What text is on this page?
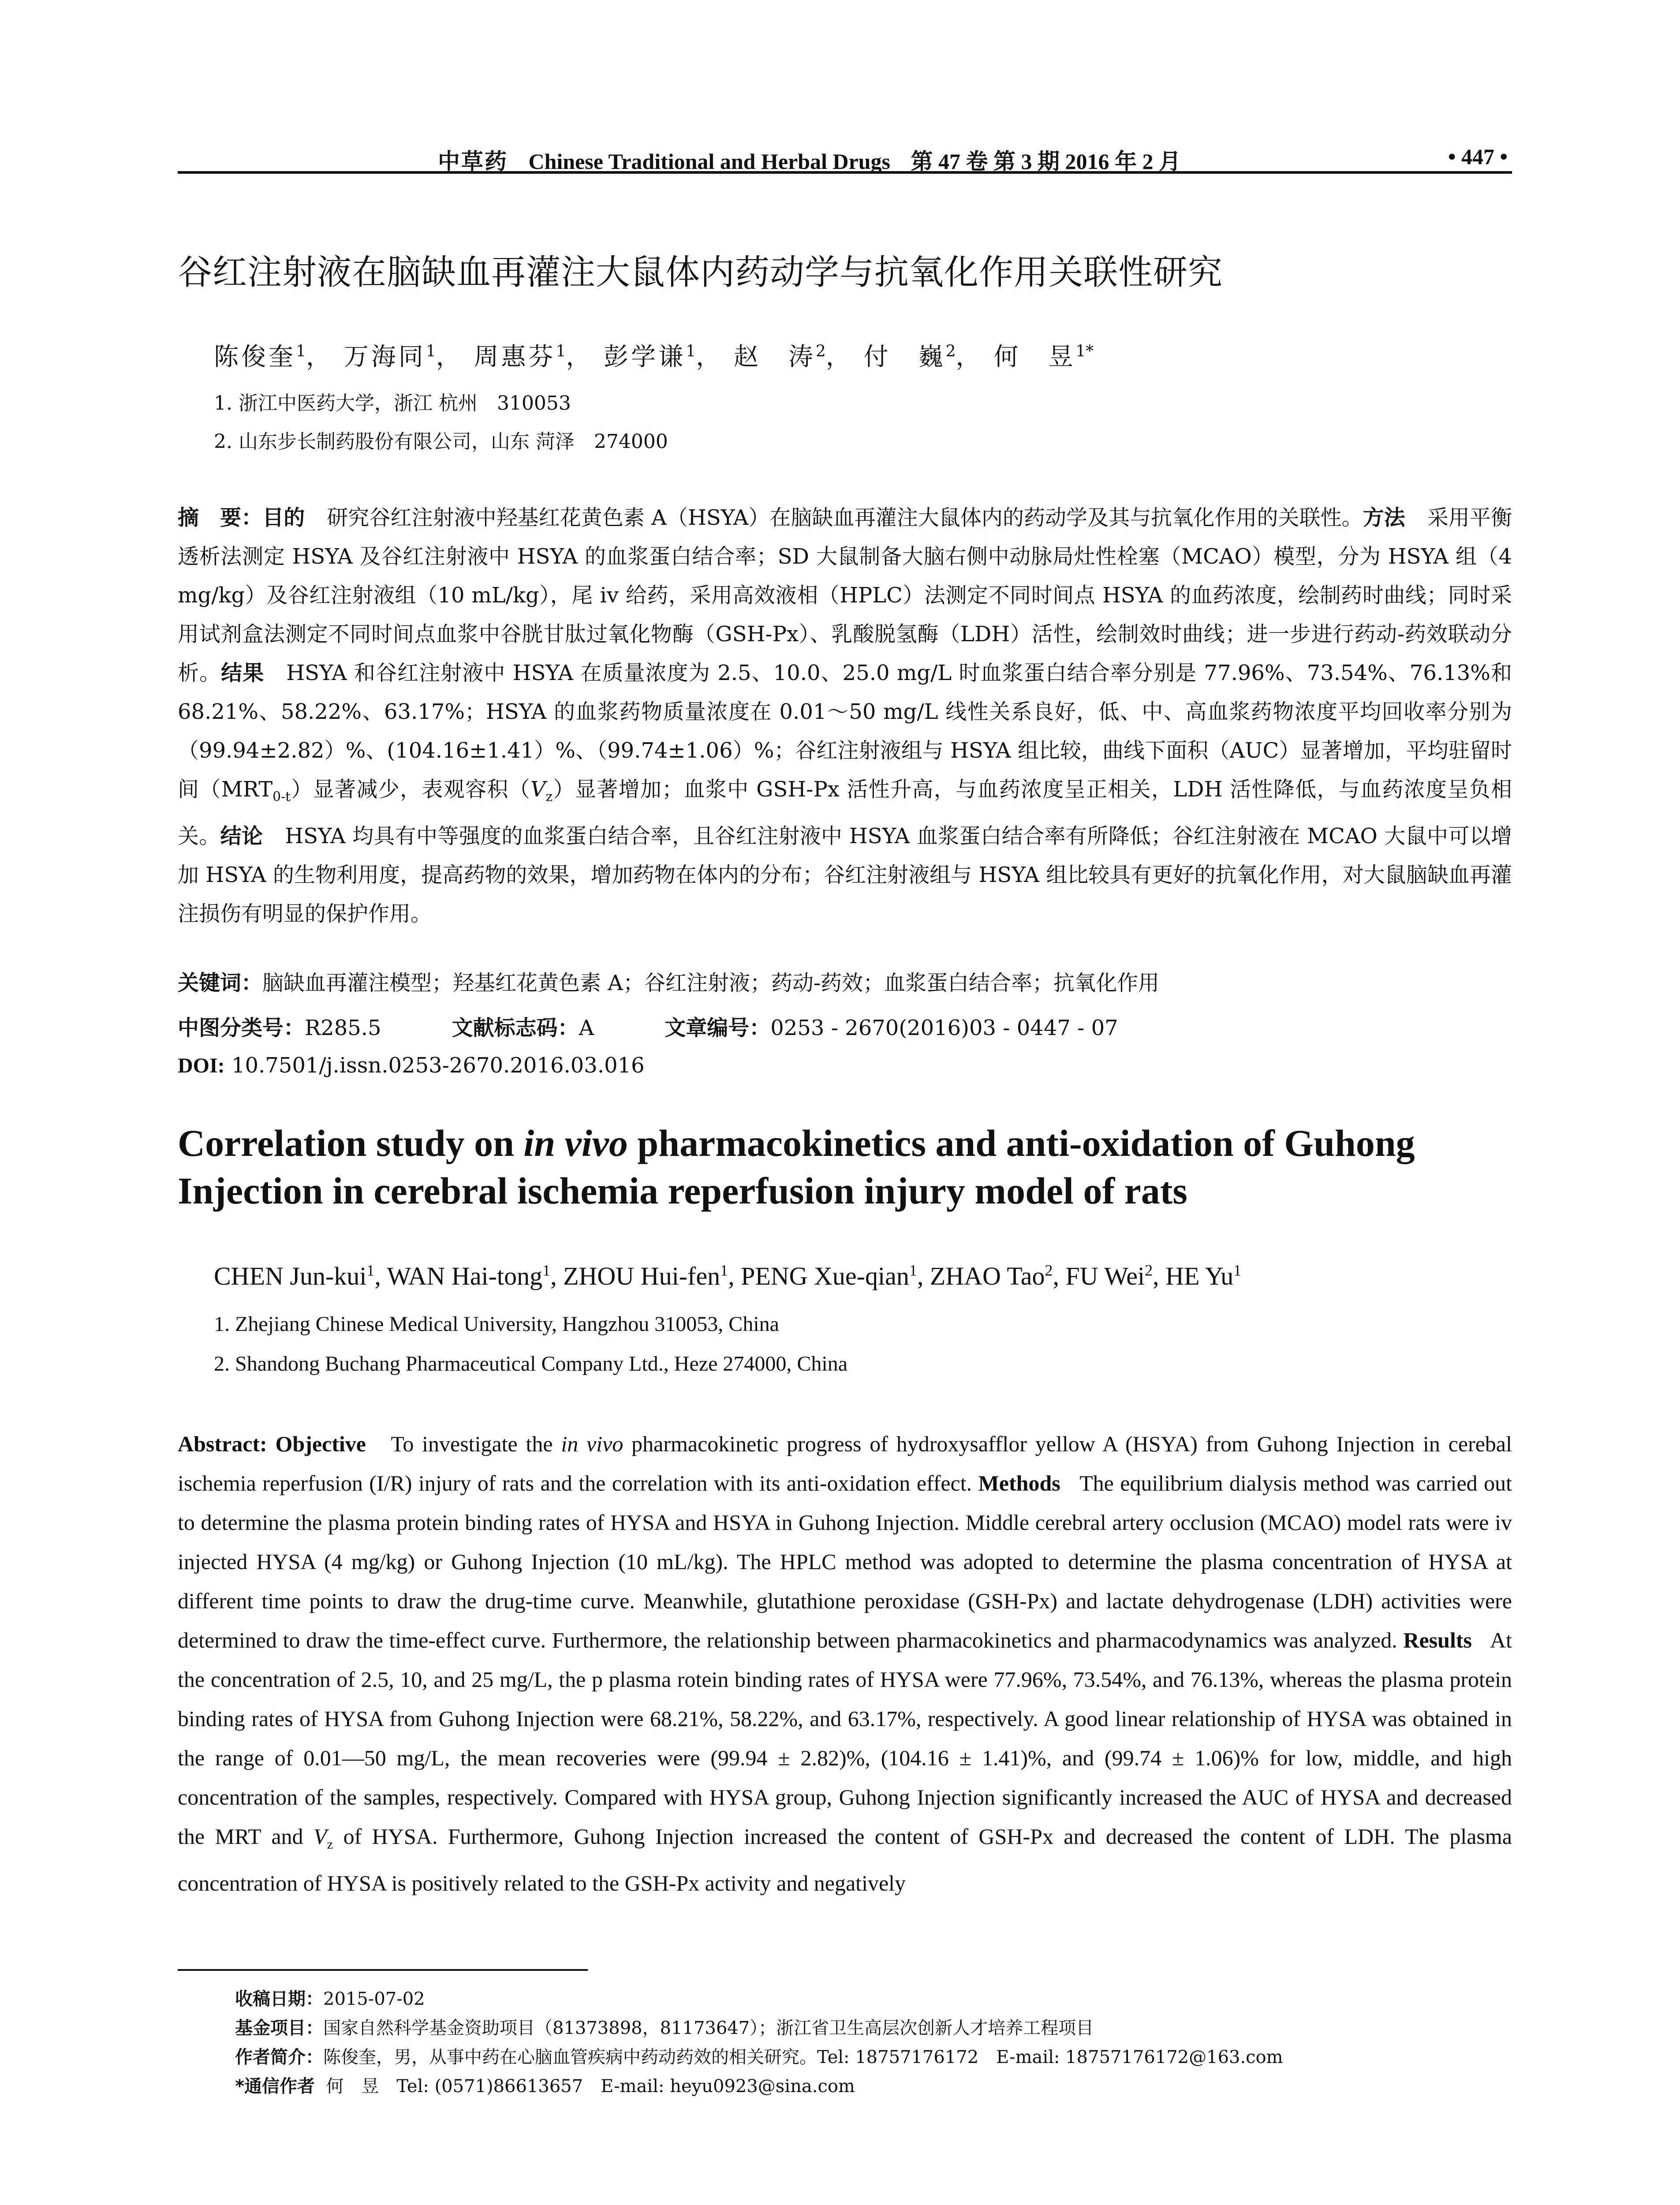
中草药 Chinese Traditional and Herbal Drugs 第 47 卷 第 3 期 2016 年 2 月	• 447 •
谷红注射液在脑缺血再灌注大鼠体内药动学与抗氧化作用关联性研究
陈俊奎$^1$， 万海同$^1$， 周惠芬$^1$， 彭学谦$^1$， 赵　涛$^2$， 付　巍$^2$， 何　昱$^{1*}$
1. 浙江中医药大学，浙江 杭州　310053
2. 山东步长制药股份有限公司，山东 菏泽　274000
摘　要：目的 研究谷红注射液中羟基红花黄色素 A（HSYA）在脑缺血再灌注大鼠体内的药动学及其与抗氧化作用的关联性。方法 采用平衡透析法测定 HSYA 及谷红注射液中 HSYA 的血浆蛋白结合率；SD 大鼠制备大脑右侧中动脉局灶性栓塞（MCAO）模型，分为 HSYA 组（4 mg/kg）及谷红注射液组（10 mL/kg），尾 iv 给药，采用高效液相（HPLC）法测定不同时间点 HSYA 的血药浓度，绘制药时曲线；同时采用试剂盒法测定不同时间点血浆中谷胱甘肽过氧化物酶（GSH-Px）、乳酸脱氢酶（LDH）活性，绘制效时曲线；进一步进行药动-药效联动分析。结果 HSYA 和谷红注射液中 HSYA 在质量浓度为 2.5、10.0、25.0 mg/L 时血浆蛋白结合率分别是 77.96%、73.54%、76.13%和 68.21%、58.22%、63.17%；HSYA 的血浆药物质量浓度在 0.01～50 mg/L 线性关系良好，低、中、高血浆药物浓度平均回收率分别为（99.94±2.82）%、(104.16±1.41）%、（99.74±1.06）%；谷红注射液组与 HSYA 组比较，曲线下面积（AUC）显著增加，平均驻留时间$(MRT_{0-t})$显著减少，表观容积$(V_z)$显著增加；血浆中 GSH-Px 活性升高，与血药浓度呈正相关，LDH 活性降低，与血药浓度呈负相关。结论 HSYA 均具有中等强度的血浆蛋白结合率，且谷红注射液中 HSYA 血浆蛋白结合率有所降低；谷红注射液在 MCAO 大鼠中可以增加 HSYA 的生物利用度，提高药物的效果，增加药物在体内的分布；谷红注射液组与 HSYA 组比较具有更好的抗氧化作用，对大鼠脑缺血再灌注损伤有明显的保护作用。
关键词：脑缺血再灌注模型；羟基红花黄色素 A；谷红注射液；药动-药效；血浆蛋白结合率；抗氧化作用
中图分类号：R285.5	文献标志码：A	文章编号：0253 - 2670(2016)03 - 0447 - 07
DOI: 10.7501/j.issn.0253-2670.2016.03.016
Correlation study on in vivo pharmacokinetics and anti-oxidation of Guhong Injection in cerebral ischemia reperfusion injury model of rats
CHEN Jun-kui$^1$, WAN Hai-tong$^1$, ZHOU Hui-fen$^1$, PENG Xue-qian$^1$, ZHAO Tao$^2$, FU Wei$^2$, HE Yu$^1$
1. Zhejiang Chinese Medical University, Hangzhou 310053, China
2. Shandong Buchang Pharmaceutical Company Ltd., Heze 274000, China
Abstract: Objective To investigate the in vivo pharmacokinetic progress of hydroxysafflor yellow A (HSYA) from Guhong Injection in cerebal ischemia reperfusion (I/R) injury of rats and the correlation with its anti-oxidation effect. Methods The equilibrium dialysis method was carried out to determine the plasma protein binding rates of HYSA and HSYA in Guhong Injection. Middle cerebral artery occlusion (MCAO) model rats were iv injected HYSA (4 mg/kg) or Guhong Injection (10 mL/kg). The HPLC method was adopted to determine the plasma concentration of HYSA at different time points to draw the drug-time curve. Meanwhile, glutathione peroxidase (GSH-Px) and lactate dehydrogenase (LDH) activities were determined to draw the time-effect curve. Furthermore, the relationship between pharmacokinetics and pharmacodynamics was analyzed. Results At the concentration of 2.5, 10, and 25 mg/L, the p plasma rotein binding rates of HYSA were 77.96%, 73.54%, and 76.13%, whereas the plasma protein binding rates of HYSA from Guhong Injection were 68.21%, 58.22%, and 63.17%, respectively. A good linear relationship of HYSA was obtained in the range of 0.01—50 mg/L, the mean recoveries were (99.94 ± 2.82)%, (104.16 ± 1.41)%, and (99.74 ± 1.06)% for low, middle, and high concentration of the samples, respectively. Compared with HYSA group, Guhong Injection significantly increased the AUC of HYSA and decreased the MRT and $V_z$ of HYSA. Furthermore, Guhong Injection increased the content of GSH-Px and decreased the content of LDH. The plasma concentration of HYSA is positively related to the GSH-Px activity and negatively
收稿日期：2015-07-02
基金项目：国家自然科学基金资助项目（81373898，81173647）；浙江省卫生高层次创新人才培养工程项目
作者简介：陈俊奎，男，从事中药在心脑血管疾病中药动药效的相关研究。Tel: 18757176172　E-mail: 18757176172@163.com
*通信作者 何　昱　Tel: (0571)86613657　E-mail: heyu0923@sina.com
